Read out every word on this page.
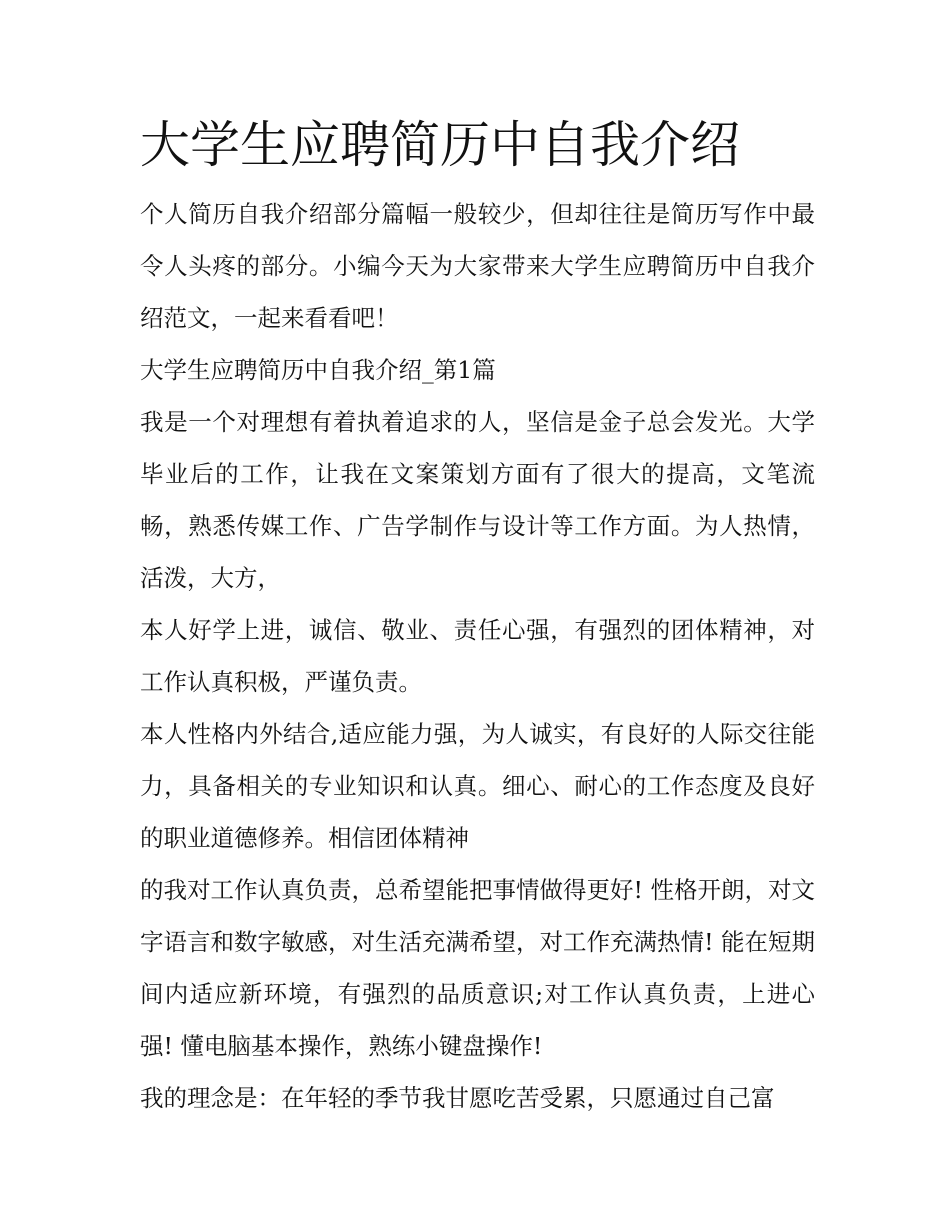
大学生应聘简历中自我介绍

个人简历自我介绍部分篇幅一般较少，但却往往是简历写作中最令人头疼的部分。小编今天为大家带来大学生应聘简历中自我介绍范文，一起来看看吧！

大学生应聘简历中自我介绍_第1篇

我是一个对理想有着执着追求的人，坚信是金子总会发光。大学毕业后的工作，让我在文案策划方面有了很大的提高，文笔流畅，熟悉传媒工作、广告学制作与设计等工作方面。为人热情，活泼，大方，

本人好学上进，诚信、敬业、责任心强，有强烈的团体精神，对工作认真积极，严谨负责。

本人性格内外结合,适应能力强，为人诚实，有良好的人际交往能力，具备相关的专业知识和认真。细心、耐心的工作态度及良好的职业道德修养。相信团体精神

的我对工作认真负责，总希望能把事情做得更好! 性格开朗，对文字语言和数字敏感，对生活充满希望，对工作充满热情! 能在短期间内适应新环境，有强烈的品质意识;对工作认真负责，上进心强! 懂电脑基本操作，熟练小键盘操作!

我的理念是：在年轻的季节我甘愿吃苦受累，只愿通过自己富
